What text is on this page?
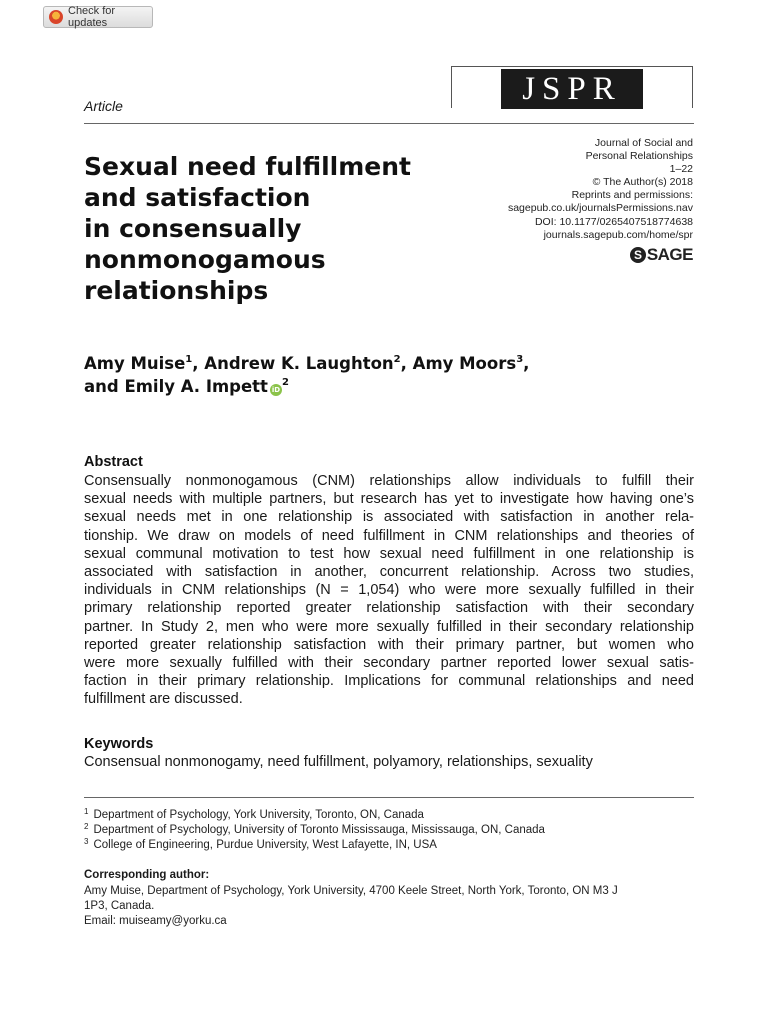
Check for updates
JSPR
Article
Sexual need fulfillment
and satisfaction
in consensually
nonmonogamous
relationships
Journal of Social and
Personal Relationships
1–22
© The Author(s) 2018
Reprints and permissions:
sagepub.co.uk/journalsPermissions.nav
DOI: 10.1177/0265407518774638
journals.sagepub.com/home/spr
S SAGE
Amy Muise$^1$, Andrew K. Laughton$^2$, Amy Moors$^3$,
and Emily A. Impett $iD^2$
Abstract
Consensually nonmonogamous (CNM) relationships allow individuals to fulfill their
sexual needs with multiple partners, but research has yet to investigate how having one’s
sexual needs met in one relationship is associated with satisfaction in another rela-
tionship. We draw on models of need fulfillment in CNM relationships and theories of
sexual communal motivation to test how sexual need fulfillment in one relationship is
associated with satisfaction in another, concurrent relationship. Across two studies,
individuals in CNM relationships (N = 1,054) who were more sexually fulfilled in their
primary relationship reported greater relationship satisfaction with their secondary
partner. In Study 2, men who were more sexually fulfilled in their secondary relationship
reported greater relationship satisfaction with their primary partner, but women who
were more sexually fulfilled with their secondary partner reported lower sexual satis-
faction in their primary relationship. Implications for communal relationships and need
fulfillment are discussed.
Keywords
Consensual nonmonogamy, need fulfillment, polyamory, relationships, sexuality
$^1$ Department of Psychology, York University, Toronto, ON, Canada
$^2$ Department of Psychology, University of Toronto Mississauga, Mississauga, ON, Canada
$^3$ College of Engineering, Purdue University, West Lafayette, IN, USA
Corresponding author:
Amy Muise, Department of Psychology, York University, 4700 Keele Street, North York, Toronto, ON M3 J
1P3, Canada.
Email: muiseamy@yorku.ca
